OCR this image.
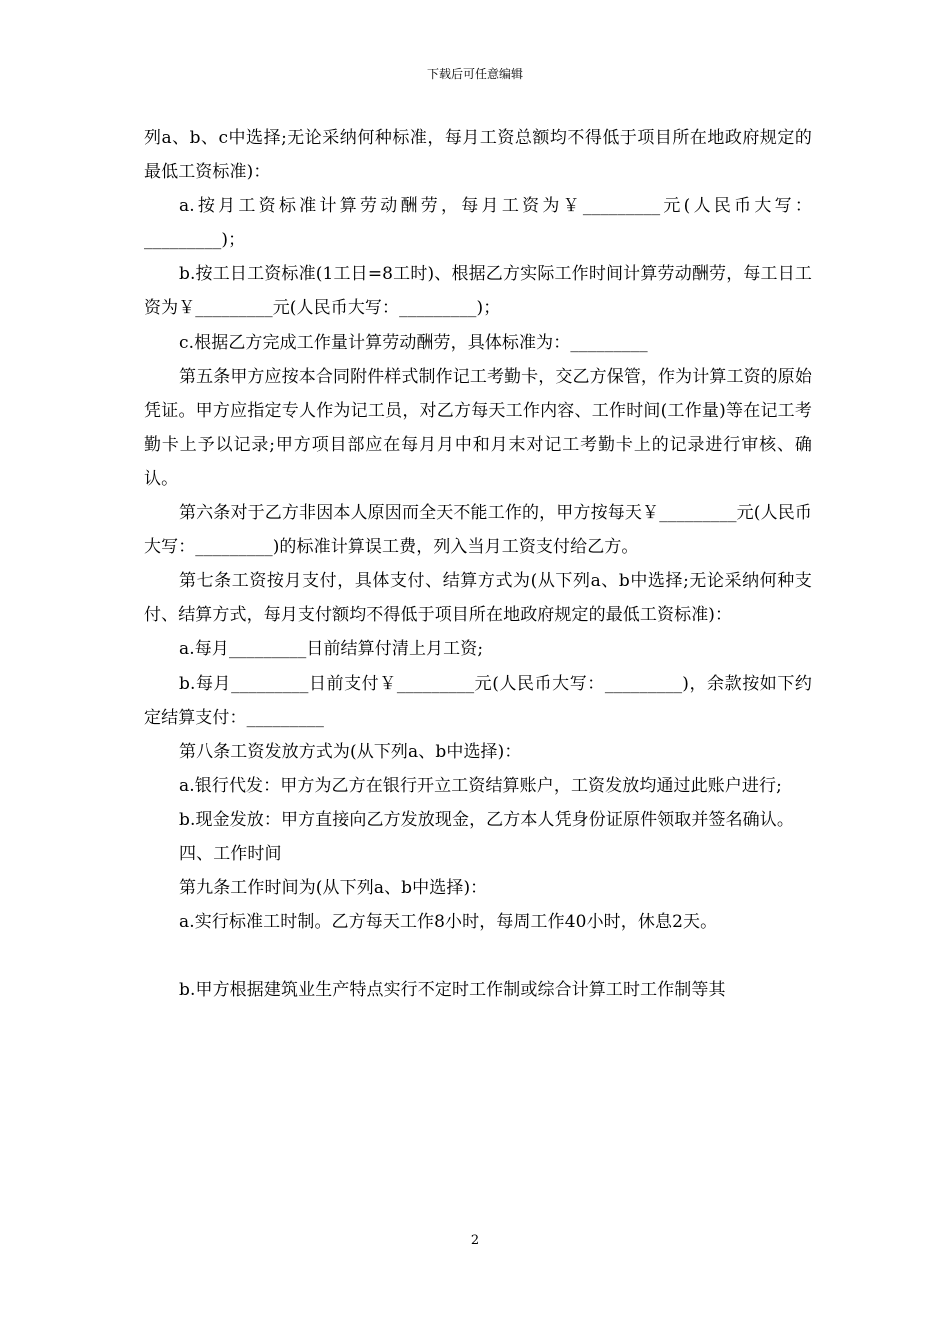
下载后可任意编辑

列a、b、c中选择;无论采纳何种标准，每月工资总额均不得低于项目所在地政府规定的最低工资标准)：

a.按月工资标准计算劳动酬劳，每月工资为￥_________元(人民币大写：_________)；

b.按工日工资标准(1工日=8工时)、根据乙方实际工作时间计算劳动酬劳，每工日工资为￥_________元(人民币大写：_________)；

c.根据乙方完成工作量计算劳动酬劳，具体标准为：_________

第五条甲方应按本合同附件样式制作记工考勤卡，交乙方保管，作为计算工资的原始凭证。甲方应指定专人作为记工员，对乙方每天工作内容、工作时间(工作量)等在记工考勤卡上予以记录;甲方项目部应在每月月中和月末对记工考勤卡上的记录进行审核、确认。

第六条对于乙方非因本人原因而全天不能工作的，甲方按每天￥_________元(人民币大写：_________)的标准计算误工费，列入当月工资支付给乙方。

第七条工资按月支付，具体支付、结算方式为(从下列a、b中选择;无论采纳何种支付、结算方式，每月支付额均不得低于项目所在地政府规定的最低工资标准)：

a.每月_________日前结算付清上月工资;

b.每月_________日前支付￥_________元(人民币大写：_________)，余款按如下约定结算支付：_________

第八条工资发放方式为(从下列a、b中选择)：

a.银行代发：甲方为乙方在银行开立工资结算账户，工资发放均通过此账户进行;

b.现金发放：甲方直接向乙方发放现金，乙方本人凭身份证原件领取并签名确认。

四、工作时间

第九条工作时间为(从下列a、b中选择)：

a.实行标准工时制。乙方每天工作8小时，每周工作40小时，休息2天。

b.甲方根据建筑业生产特点实行不定时工作制或综合计算工时工作制等其

2
